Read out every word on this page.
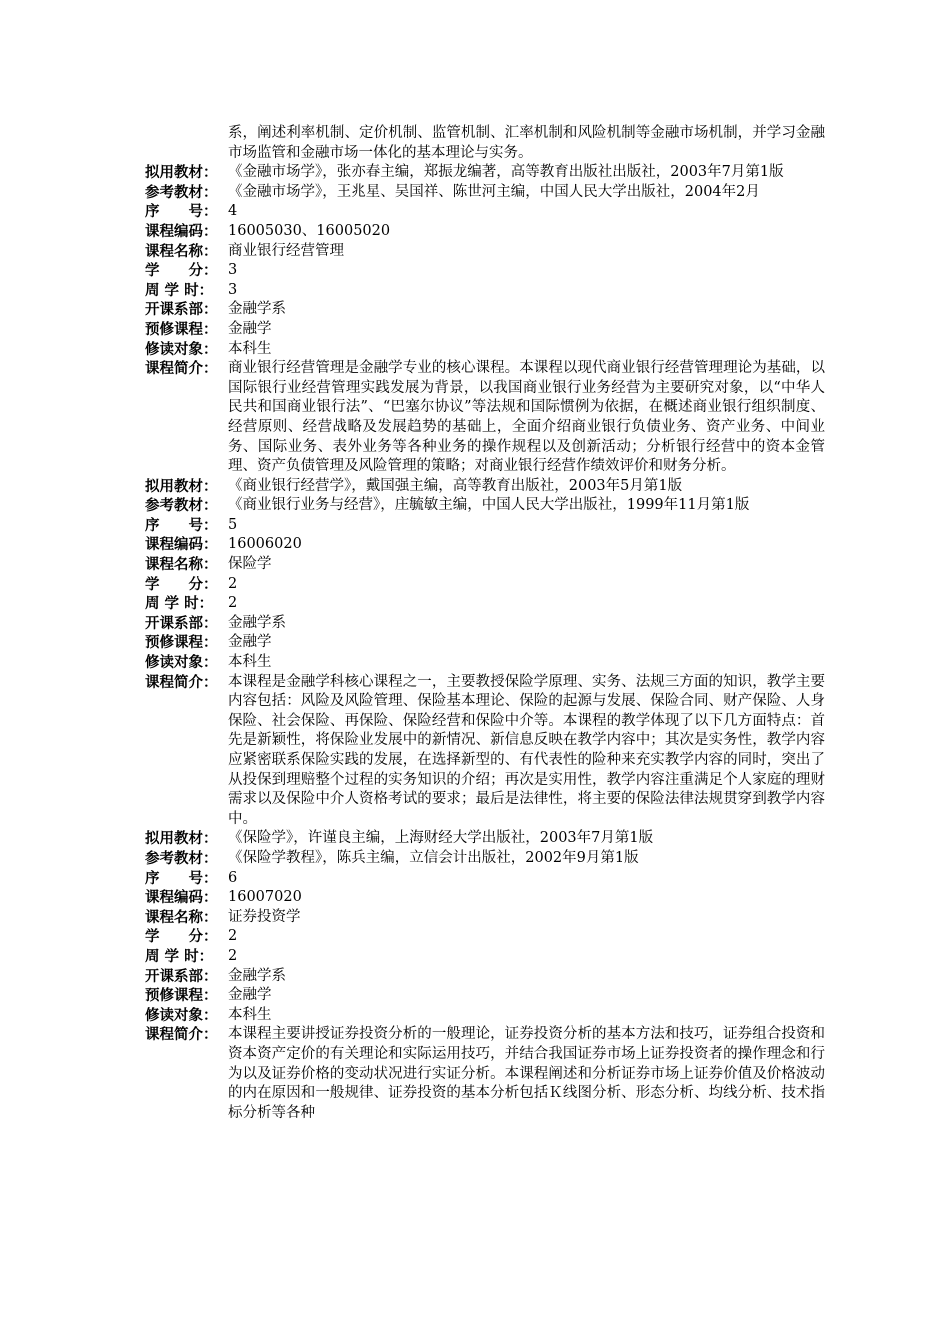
系，阐述利率机制、定价机制、监管机制、汇率机制和风险机制等金融市场机制，并学习金融市场监管和金融市场一体化的基本理论与实务。
拟用教材： 《金融市场学》，张亦春主编，郑振龙编著，高等教育出版社出版社，2003年7月第1版
参考教材： 《金融市场学》，王兆星、吴国祥、陈世河主编，中国人民大学出版社，2004年2月
序　　号： 4
课程编码： 16005030、16005020
课程名称： 商业银行经营管理
学　　分： 3
周 学 时：	3
开课系部： 金融学系
预修课程： 金融学
修读对象： 本科生
课程简介： 商业银行经营管理是金融学专业的核心课程。本课程以现代商业银行经营管理理论为基础，以国际银行业经营管理实践发展为背景，以我国商业银行业务经营为主要研究对象，以“中华人民共和国商业银行法”、“巴塞尔协议”等法规和国际惯例为依据，在概述商业银行组织制度、经营原则、经营战略及发展趋势的基础上，全面介绍商业银行负债业务、资产业务、中间业务、国际业务、表外业务等各种业务的操作规程以及创新活动；分析银行经营中的资本金管理、资产负债管理及风险管理的策略；对商业银行经营作绩效评价和财务分析。
拟用教材： 《商业银行经营学》，戴国强主编，高等教育出版社，2003年5月第1版
参考教材： 《商业银行业务与经营》，庄毓敏主编，中国人民大学出版社，1999年11月第1版
序　　号： 5
课程编码： 16006020
课程名称： 保险学
学　　分： 2
周 学 时：	2
开课系部： 金融学系
预修课程： 金融学
修读对象： 本科生
课程简介： 本课程是金融学科核心课程之一，主要教授保险学原理、实务、法规三方面的知识，教学主要内容包括：风险及风险管理、保险基本理论、保险的起源与发展、保险合同、财产保险、人身保险、社会保险、再保险、保险经营和保险中介等。本课程的教学体现了以下几方面特点：首先是新颖性，将保险业发展中的新情况、新信息反映在教学内容中；其次是实务性，教学内容应紧密联系保险实践的发展，在选择新型的、有代表性的险种来充实教学内容的同时，突出了从投保到理赔整个过程的实务知识的介绍；再次是实用性，教学内容注重满足个人家庭的理财需求以及保险中介人资格考试的要求；最后是法律性，将主要的保险法律法规贯穿到教学内容中。
拟用教材： 《保险学》，许谨良主编，上海财经大学出版社，2003年7月第1版
参考教材： 《保险学教程》，陈兵主编，立信会计出版社，2002年9月第1版
序　　号： 6
课程编码： 16007020
课程名称： 证券投资学
学　　分： 2
周 学 时：	2
开课系部： 金融学系
预修课程： 金融学
修读对象： 本科生
课程简介： 本课程主要讲授证券投资分析的一般理论，证券投资分析的基本方法和技巧，证券组合投资和资本资产定价的有关理论和实际运用技巧，并结合我国证券市场上证券投资者的操作理念和行为以及证券价格的变动状况进行实证分析。本课程阐述和分析证券市场上证券价值及价格波动的内在原因和一般规律、证券投资的基本分析包括Ｋ线图分析、形态分析、均线分析、技术指标分析等各种
